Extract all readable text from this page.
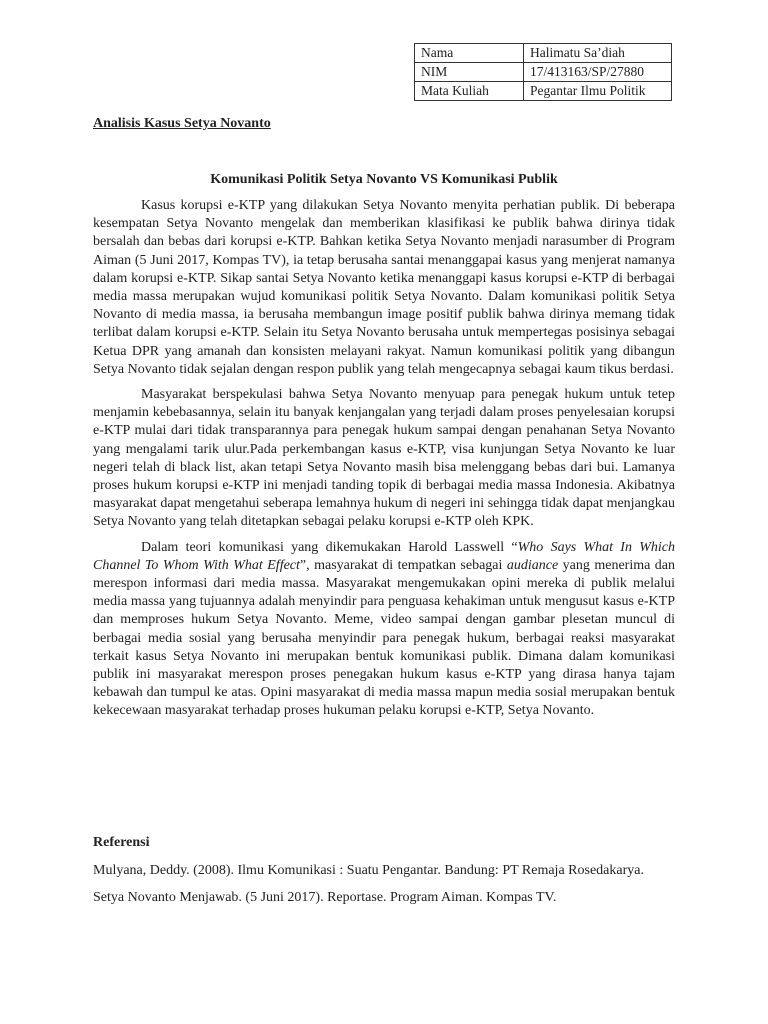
Nama	Halimatu Sa’diah
NIM	17/413163/SP/27880
Mata Kuliah	Pegantar Ilmu Politik
Analisis Kasus Setya Novanto
Komunikasi Politik Setya Novanto VS Komunikasi Publik

Kasus korupsi e-KTP yang dilakukan Setya Novanto menyita perhatian publik. Di beberapa kesempatan Setya Novanto mengelak dan memberikan klasifikasi ke publik bahwa dirinya tidak bersalah dan bebas dari korupsi e-KTP. Bahkan ketika Setya Novanto menjadi narasumber di Program Aiman (5 Juni 2017, Kompas TV), ia tetap berusaha santai menanggapai kasus yang menjerat namanya dalam korupsi e-KTP. Sikap santai Setya Novanto ketika menanggapi kasus korupsi e-KTP di berbagai media massa merupakan wujud komunikasi politik Setya Novanto. Dalam komunikasi politik Setya Novanto di media massa, ia berusaha membangun image positif publik bahwa dirinya memang tidak terlibat dalam korupsi e-KTP. Selain itu Setya Novanto berusaha untuk mempertegas posisinya sebagai Ketua DPR yang amanah dan konsisten melayani rakyat. Namun komunikasi politik yang dibangun Setya Novanto tidak sejalan dengan respon publik yang telah mengecapnya sebagai kaum tikus berdasi.

Masyarakat berspekulasi bahwa Setya Novanto menyuap para penegak hukum untuk tetep menjamin kebebasannya, selain itu banyak kenjangalan yang terjadi dalam proses penyelesaian korupsi e-KTP mulai dari tidak transparannya para penegak hukum sampai dengan penahanan Setya Novanto yang mengalami tarik ulur.Pada perkembangan kasus e-KTP, visa kunjungan Setya Novanto ke luar negeri telah di black list, akan tetapi Setya Novanto masih bisa melenggang bebas dari bui. Lamanya proses hukum korupsi e-KTP ini menjadi tanding topik di berbagai media massa Indonesia. Akibatnya masyarakat dapat mengetahui seberapa lemahnya hukum di negeri ini sehingga tidak dapat menjangkau Setya Novanto yang telah ditetapkan sebagai pelaku korupsi e-KTP oleh KPK.

Dalam teori komunikasi yang dikemukakan Harold Lasswell “Who Says What In Which Channel To Whom With What Effect”, masyarakat di tempatkan sebagai audiance yang menerima dan merespon informasi dari media massa. Masyarakat mengemukakan opini mereka di publik melalui media massa yang tujuannya adalah menyindir para penguasa kehakiman untuk mengusut kasus e-KTP dan memproses hukum Setya Novanto. Meme, video sampai dengan gambar plesetan muncul di berbagai media sosial yang berusaha menyindir para penegak hukum, berbagai reaksi masyarakat terkait kasus Setya Novanto ini merupakan bentuk komunikasi publik. Dimana dalam komunikasi publik ini masyarakat merespon proses penegakan hukum kasus e-KTP yang dirasa hanya tajam kebawah dan tumpul ke atas. Opini masyarakat di media massa mapun media sosial merupakan bentuk kekecewaan masyarakat terhadap proses hukuman pelaku korupsi e-KTP, Setya Novanto.

Referensi

Mulyana, Deddy. (2008). Ilmu Komunikasi : Suatu Pengantar. Bandung: PT Remaja Rosedakarya.

Setya Novanto Menjawab. (5 Juni 2017). Reportase. Program Aiman. Kompas TV.
